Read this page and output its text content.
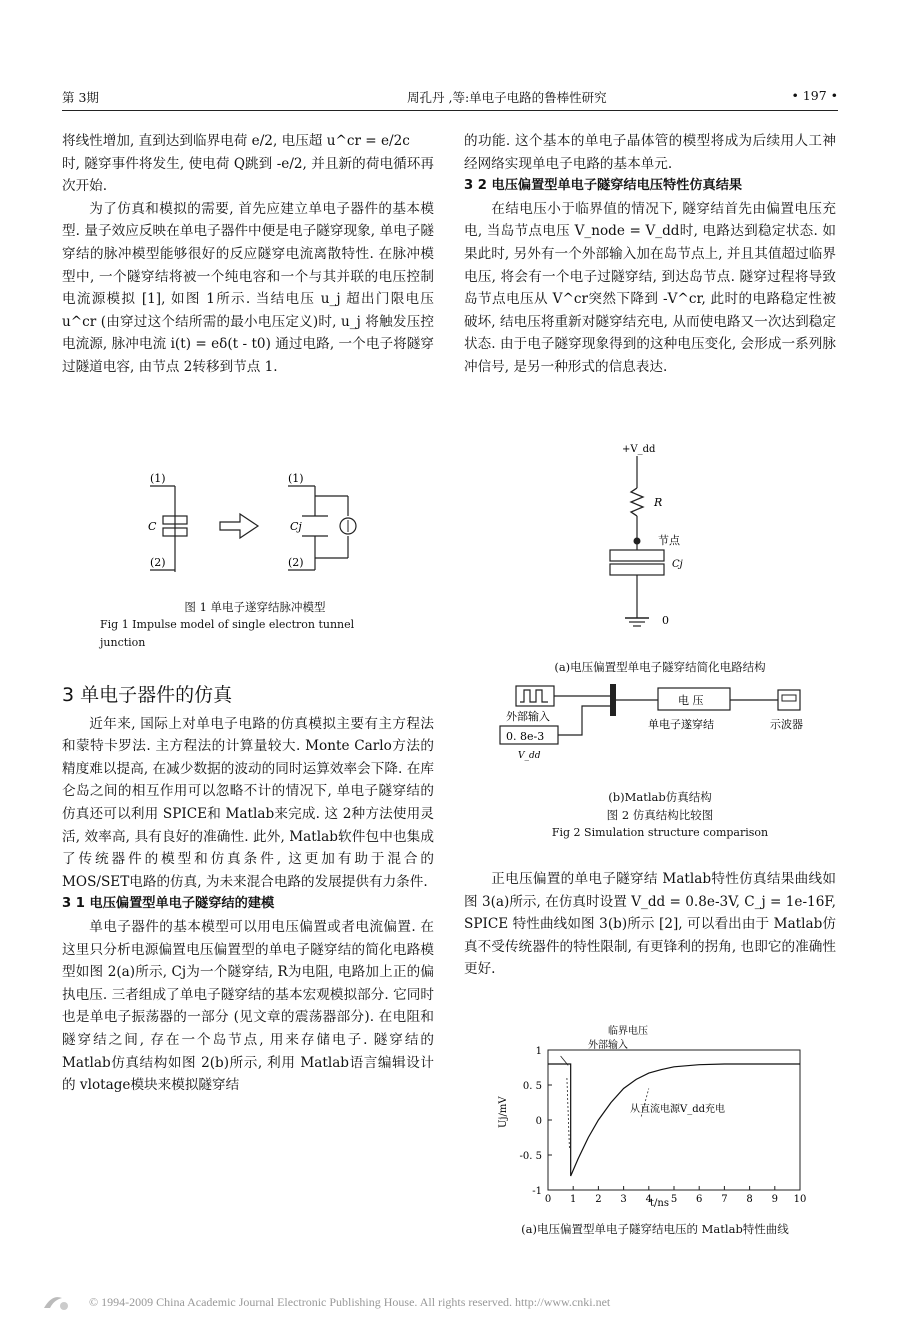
第 3期	周孔丹 ,等:单电子电路的鲁棒性研究	• 197 •

将线性增加, 直到达到临界电荷 e/2, 电压超 u^cr = e/2c

时, 隧穿事件将发生, 使电荷 Q跳到 -e/2, 并且新的荷电循环再次开始.

为了仿真和模拟的需要, 首先应建立单电子器件的基本模型. 量子效应反映在单电子器件中便是电子隧穿现象, 单电子隧穿结的脉冲模型能够很好的反应隧穿电流离散特性. 在脉冲模型中, 一个隧穿结将被一个纯电容和一个与其并联的电压控制电流源模拟 [1], 如图 1所示. 当结电压 u_j 超出门限电压 u^cr (由穿过这个结所需的最小电压定义)时, u_j 将触发压控电流源, 脉冲电流 i(t) = eδ(t - t0) 通过电路, 一个电子将隧穿过隧道电容, 由节点 2转移到节点 1.

(1)
(2)
C
(1)
(2)
Cj
图 1 单电子遂穿结脉冲模型
Fig 1 Impulse model of single electron tunnel junction
3 单电子器件的仿真

近年来, 国际上对单电子电路的仿真模拟主要有主方程法和蒙特卡罗法. 主方程法的计算量较大. Monte Carlo方法的精度难以提高, 在减少数据的波动的同时运算效率会下降. 在库仑岛之间的相互作用可以忽略不计的情况下, 单电子隧穿结的仿真还可以利用 SPICE和 Matlab来完成. 这 2种方法使用灵活, 效率高, 具有良好的准确性. 此外, Matlab软件包中也集成了传统器件的模型和仿真条件, 这更加有助于混合的 MOS/SET电路的仿真, 为未来混合电路的发展提供有力条件.

3 1 电压偏置型单电子隧穿结的建模

单电子器件的基本模型可以用电压偏置或者电流偏置. 在这里只分析电源偏置电压偏置型的单电子隧穿结的简化电路模型如图 2(a)所示, Cj为一个隧穿结, R为电阻, 电路加上正的偏执电压. 三者组成了单电子隧穿结的基本宏观模拟部分. 它同时也是单电子振荡器的一部分 (见文章的震荡器部分). 在电阻和隧穿结之间, 存在一个岛节点, 用来存储电子. 隧穿结的 Matlab仿真结构如图 2(b)所示, 利用 Matlab语言编辑设计的 vlotage模块来模拟隧穿结

的功能. 这个基本的单电子晶体管的模型将成为后续用人工神经网络实现单电子电路的基本单元.

3 2 电压偏置型单电子隧穿结电压特性仿真结果

在结电压小于临界值的情况下, 隧穿结首先由偏置电压充电, 当岛节点电压 V_node = V_dd时, 电路达到稳定状态. 如果此时, 另外有一个外部输入加在岛节点上, 并且其值超过临界电压, 将会有一个电子过隧穿结, 到达岛节点. 隧穿过程将导致岛节点电压从 V^cr突然下降到 -V^cr, 此时的电路稳定性被破坏, 结电压将重新对隧穿结充电, 从而使电路又一次达到稳定状态. 由于电子隧穿现象得到的这种电压变化, 会形成一系列脉冲信号, 是另一种形式的信息表达.

+V_dd
R
节点
Cj
0
(a)电压偏置型单电子隧穿结简化电路结构
外部输入
0. 8e-3
V_dd
电 压
单电子遂穿结	示波器
(b)Matlab仿真结构
图 2 仿真结构比较图
Fig 2 Simulation structure comparison

正电压偏置的单电子隧穿结 Matlab特性仿真结果曲线如图 3(a)所示, 在仿真时设置 V_dd = 0.8e-3V, C_j = 1e-16F, SPICE 特性曲线如图 3(b)所示 [2], 可以看出由于 Matlab仿真不受传统器件的特性限制, 有更锋利的拐角, 也即它的准确性更好.

临界电压
外部输入
从直流电源V_dd充电
Uj/mV
t/ns
1
0. 5
0
-0. 5
-1
0 1 2 3 4 5 6 7 8 9 10
(a)电压偏置型单电子隧穿结电压的 Matlab特性曲线
© 1994-2009 China Academic Journal Electronic Publishing House. All rights reserved. http://www.cnki.net
